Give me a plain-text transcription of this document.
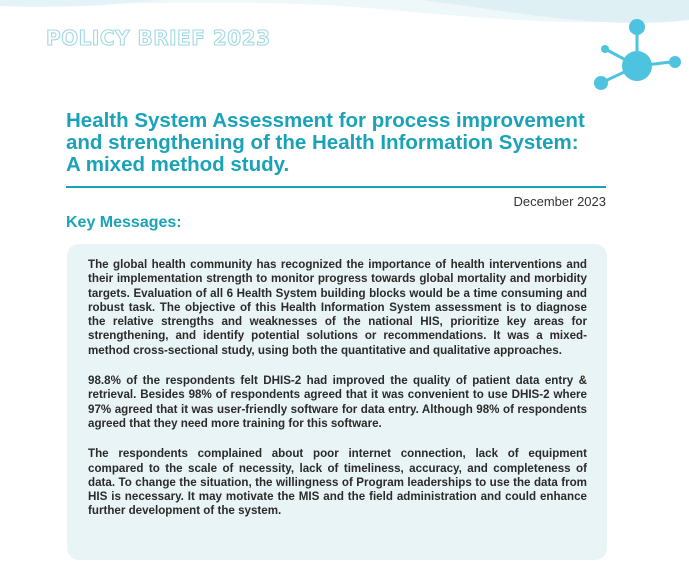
POLICY BRIEF 2023
Health System Assessment for process improvement
and strengthening of the Health Information System:
A mixed method study.
December 2023
Key Messages:

The global health community has recognized the importance of health interventions and their implementation strength to monitor progress towards global mortality and morbidity targets. Evaluation of all 6 Health System building blocks would be a time consuming and robust task. The objective of this Health Information System assessment is to diagnose the relative strengths and weaknesses of the national HIS, prioritize key areas for strengthening, and identify potential solutions or recommendations. It was a mixed-method cross-sectional study, using both the quantitative and qualitative approaches.

98.8% of the respondents felt DHIS-2 had improved the quality of patient data entry & retrieval. Besides 98% of respondents agreed that it was convenient to use DHIS-2 where 97% agreed that it was user-friendly software for data entry. Although 98% of respondents agreed that they need more training for this software.

The respondents complained about poor internet connection, lack of equipment compared to the scale of necessity, lack of timeliness, accuracy, and completeness of data. To change the situation, the willingness of Program leaderships to use the data from HIS is necessary. It may motivate the MIS and the field administration and could enhance further development of the system.
